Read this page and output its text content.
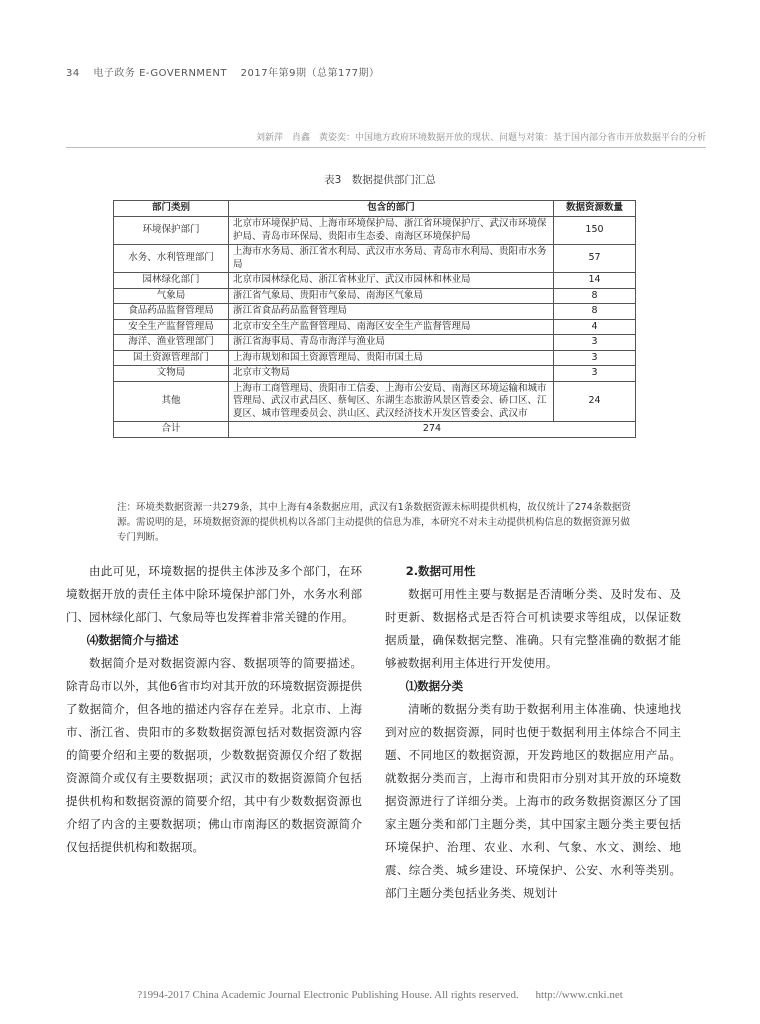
34 电子政务 E-GOVERNMENT 2017年第9期（总第177期）
刘新萍　肖鑫　黄姿奕：中国地方政府环境数据开放的现状、问题与对策：基于国内部分省市开放数据平台的分析
表3　数据提供部门汇总
部门类别	包含的部门	数据资源数量
环境保护部门	北京市环境保护局、上海市环境保护局、浙江省环境保护厅、武汉市环境保护局、青岛市环保局、贵阳市生态委、南海区环境保护局	150
水务、水利管理部门	上海市水务局、浙江省水利局、武汉市水务局、青岛市水利局、贵阳市水务局	57
园林绿化部门	北京市园林绿化局、浙江省林业厅、武汉市园林和林业局	14
气象局	浙江省气象局、贵阳市气象局、南海区气象局	8
食品药品监督管理局	浙江省食品药品监督管理局	8
安全生产监督管理局	北京市安全生产监督管理局、南海区安全生产监督管理局	4
海洋、渔业管理部门	浙江省海事局、青岛市海洋与渔业局	3
国土资源管理部门	上海市规划和国土资源管理局、贵阳市国土局	3
文物局	北京市文物局	3
其他	上海市工商管理局、贵阳市工信委、上海市公安局、南海区环境运输和城市管理局、武汉市武昌区、蔡甸区、东湖生态旅游风景区管委会、硚口区、江夏区、城市管理委员会、洪山区、武汉经济技术开发区管委会、武汉市	24
合计	274	
注：环境类数据资源一共279条，其中上海有4条数据应用，武汉有1条数据资源未标明提供机构，故仅统计了274条数据资源。需说明的是，环境数据资源的提供机构以各部门主动提供的信息为准，本研究不对未主动提供机构信息的数据资源另做专门判断。

由此可见，环境数据的提供主体涉及多个部门，在环境数据开放的责任主体中除环境保护部门外，水务水利部门、园林绿化部门、气象局等也发挥着非常关键的作用。

⑷数据简介与描述

数据简介是对数据资源内容、数据项等的简要描述。除青岛市以外，其他6省市均对其开放的环境数据资源提供了数据简介，但各地的描述内容存在差异。北京市、上海市、浙江省、贵阳市的多数数据资源包括对数据资源内容的简要介绍和主要的数据项，少数数据资源仅介绍了数据资源简介或仅有主要数据项；武汉市的数据资源简介包括提供机构和数据资源的简要介绍，其中有少数数据资源也介绍了内含的主要数据项；佛山市南海区的数据资源简介仅包括提供机构和数据项。

2.数据可用性

数据可用性主要与数据是否清晰分类、及时发布、及时更新、数据格式是否符合可机读要求等组成，以保证数据质量，确保数据完整、准确。只有完整准确的数据才能够被数据利用主体进行开发使用。

⑴数据分类

清晰的数据分类有助于数据利用主体准确、快速地找到对应的数据资源，同时也便于数据利用主体综合不同主题、不同地区的数据资源，开发跨地区的数据应用产品。就数据分类而言，上海市和贵阳市分别对其开放的环境数据资源进行了详细分类。上海市的政务数据资源区分了国家主题分类和部门主题分类，其中国家主题分类主要包括环境保护、治理、农业、水利、气象、水文、测绘、地震、综合类、城乡建设、环境保护、公安、水利等类别。部门主题分类包括业务类、规划计

?1994-2017 China Academic Journal Electronic Publishing House. All rights reserved. http://www.cnki.net
